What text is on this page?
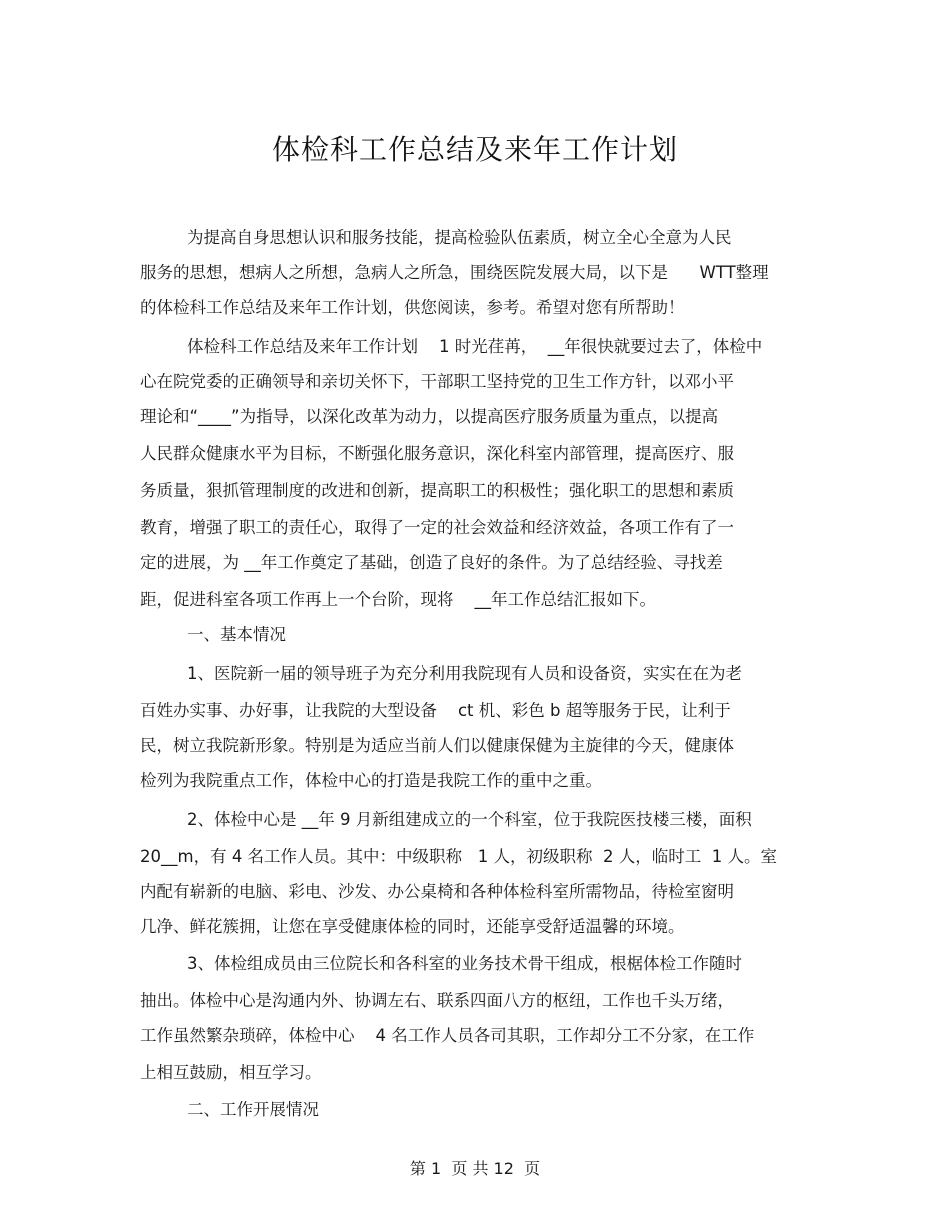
体检科工作总结及来年工作计划
为提高自身思想认识和服务技能，提高检验队伍素质，树立全心全意为人民
服务的思想，想病人之所想，急病人之所急，围绕医院发展大局，以下是      WTT整理
的体检科工作总结及来年工作计划，供您阅读，参考。希望对您有所帮助！
体检科工作总结及来年工作计划    1 时光荏苒，  __年很快就要过去了，体检中
心在院党委的正确领导和亲切关怀下，干部职工坚持党的卫生工作方针，以邓小平
理论和“____”为指导，以深化改革为动力，以提高医疗服务质量为重点，以提高
人民群众健康水平为目标，不断强化服务意识，深化科室内部管理，提高医疗、服
务质量，狠抓管理制度的改进和创新，提高职工的积极性；强化职工的思想和素质
教育，增强了职工的责任心，取得了一定的社会效益和经济效益，各项工作有了一
定的进展，为 __年工作奠定了基础，创造了良好的条件。为了总结经验、寻找差
距，促进科室各项工作再上一个台阶，现将    __年工作总结汇报如下。
一、基本情况
1、医院新一届的领导班子为充分利用我院现有人员和设备资，实实在在为老
百姓办实事、办好事，让我院的大型设备    ct 机、彩色 b 超等服务于民，让利于
民，树立我院新形象。特别是为适应当前人们以健康保健为主旋律的今天，健康体
检列为我院重点工作，体检中心的打造是我院工作的重中之重。
2、体检中心是 __年 9 月新组建成立的一个科室，位于我院医技楼三楼，面积
20__m，有 4 名工作人员。其中：中级职称   1 人，初级职称  2 人，临时工  1 人。室
内配有崭新的电脑、彩电、沙发、办公桌椅和各种体检科室所需物品，待检室窗明
几净、鲜花簇拥，让您在享受健康体检的同时，还能享受舒适温馨的环境。
3、体检组成员由三位院长和各科室的业务技术骨干组成，根椐体检工作随时
抽出。体检中心是沟通内外、协调左右、联系四面八方的枢纽，工作也千头万绪，
工作虽然繁杂琐碎，体检中心    4 名工作人员各司其职，工作却分工不分家，在工作
上相互鼓励，相互学习。
二、工作开展情况
第 1  页 共 12  页
